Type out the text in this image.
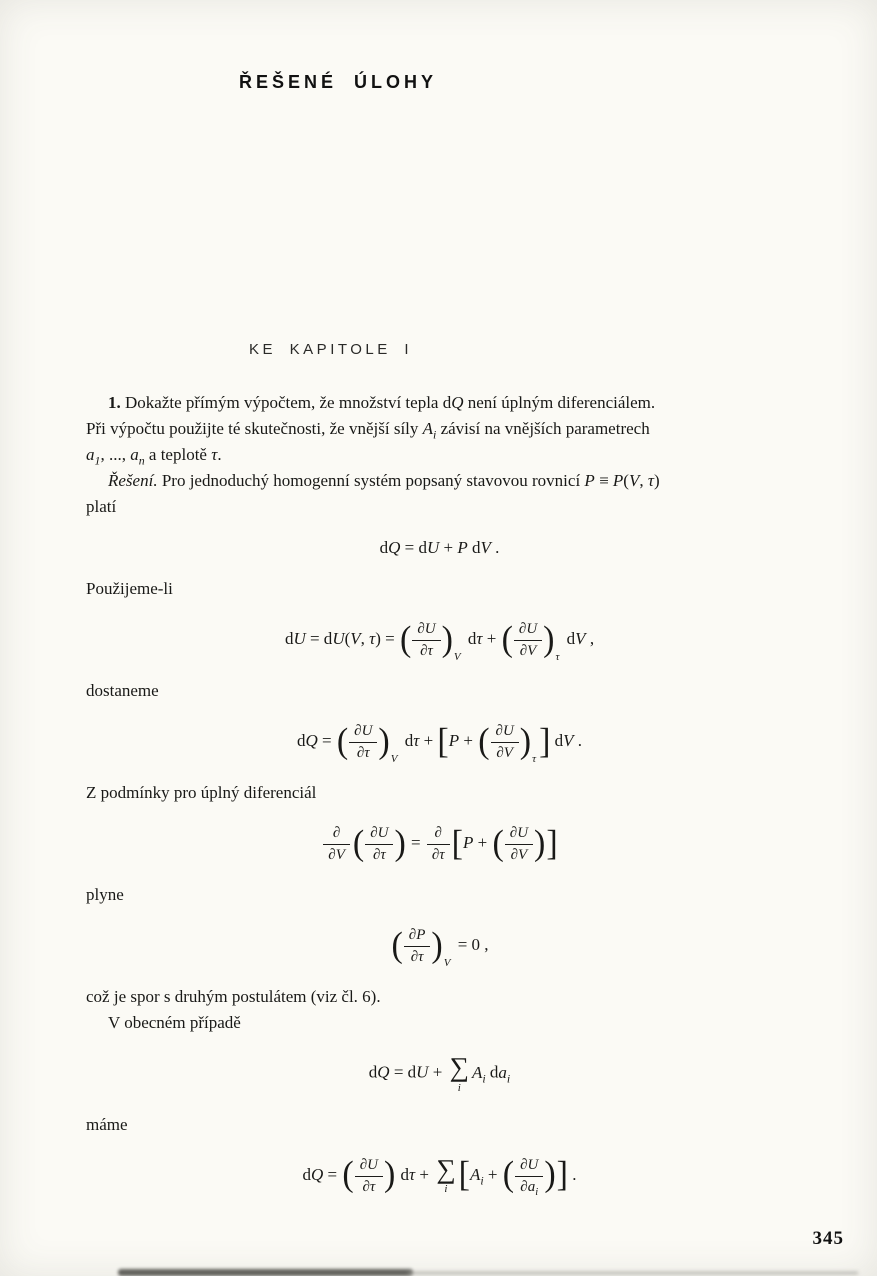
ŘEŠENÉ ÚLOHY
KE KAPITOLE I
1. Dokažte přímým výpočtem, že množství tepla dQ není úplným diferenciálem.
Při výpočtu použijte té skutečnosti, že vnější síly $A_i$ závisí na vnějších parametrech
$a_1$, ..., $a_n$ a teplotě τ.
Řešení. Pro jednoduchý homogenní systém popsaný stavovou rovnicí P ≡ P(V, τ)
platí
dQ = dU + P dV .
Použijeme-li
dU = dU(V, τ) = ( $\frac{\partial U}{\partial\tau} )V$ dτ + ( $\frac{\partial U}{\partial V} )\tau$ dV ,
dostaneme
dQ = ( $\frac{\partial U}{\partial\tau} )V$ dτ + [P + ( $\frac{\partial U}{\partial V} )\tau$] dV .
Z podmínky pro úplný diferenciál
$\frac{\partial}{\partial V}$ ( $\frac{\partial U}{\partial\tau}$ ) = $\frac{\partial}{\partial\tau} [P$ + ( $\frac{\partial U}{\partial V}$ )]
plyne
( $\frac{\partial P}{\partial\tau} )V = 0$ ,
což je spor s druhým postulátem (viz čl. 6).
V obecném případě
dQ = dU + ∑
i
$A_i$ $da_i$
máme
dQ = ( $\frac{\partial U}{\partial\tau}$ ) dτ + ∑
i [$A_i$ + ( $\frac{\partial U}{\partial a_i}$ )] .
345
